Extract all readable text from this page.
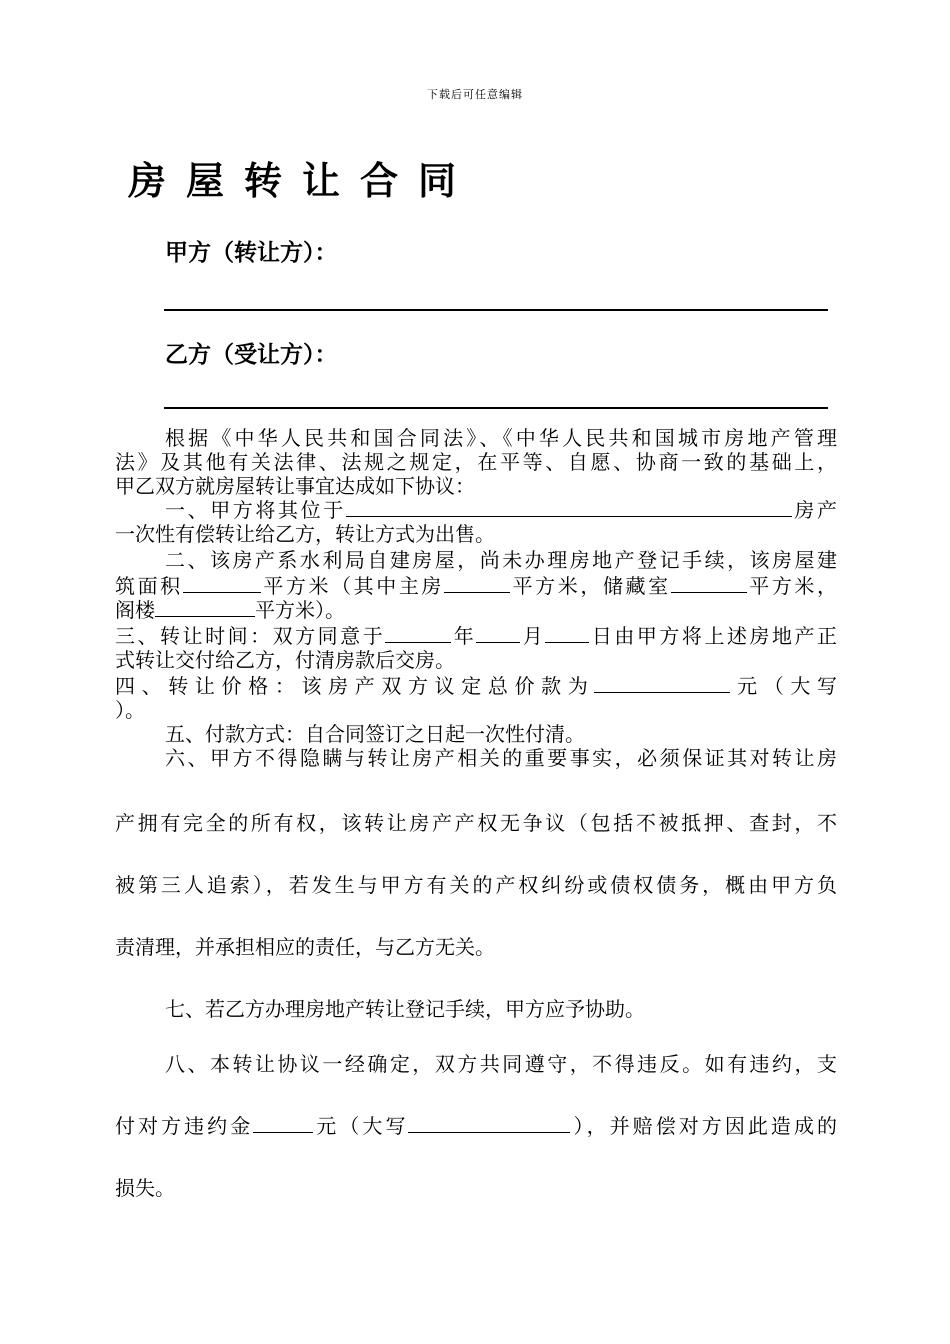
下载后可任意编辑
房屋转让合同
甲方（转让方）：
乙方（受让方）：
根据《中华人民共和国合同法》、《中华人民共和国城市房地产管理
法》及其他有关法律、法规之规定，在平等、自愿、协商一致的基础上，
甲乙双方就房屋转让事宜达成如下协议：
一、甲方将其位于	房产
一次性有偿转让给乙方，转让方式为出售。
二、该房产系水利局自建房屋，尚未办理房地产登记手续，该房屋建
筑面积	平方米（其中主房	平方米，储藏室	平方米，
阁楼	平方米）。
三、转让时间：双方同意于	年 月 日由甲方将上述房地产正
式转让交付给乙方，付清房款后交房。
四、转让价格：该房产双方议定总价款为	元（大写
）。
五、付款方式：自合同签订之日起一次性付清。
六、甲方不得隐瞒与转让房产相关的重要事实，必须保证其对转让房
产拥有完全的所有权，该转让房产产权无争议（包括不被抵押、查封，不
被第三人追索），若发生与甲方有关的产权纠纷或债权债务，概由甲方负
责清理，并承担相应的责任，与乙方无关。
七、若乙方办理房地产转让登记手续，甲方应予协助。
八、本转让协议一经确定，双方共同遵守，不得违反。如有违约，支
付对方违约金	元（大写	），并赔偿对方因此造成的
损失。
